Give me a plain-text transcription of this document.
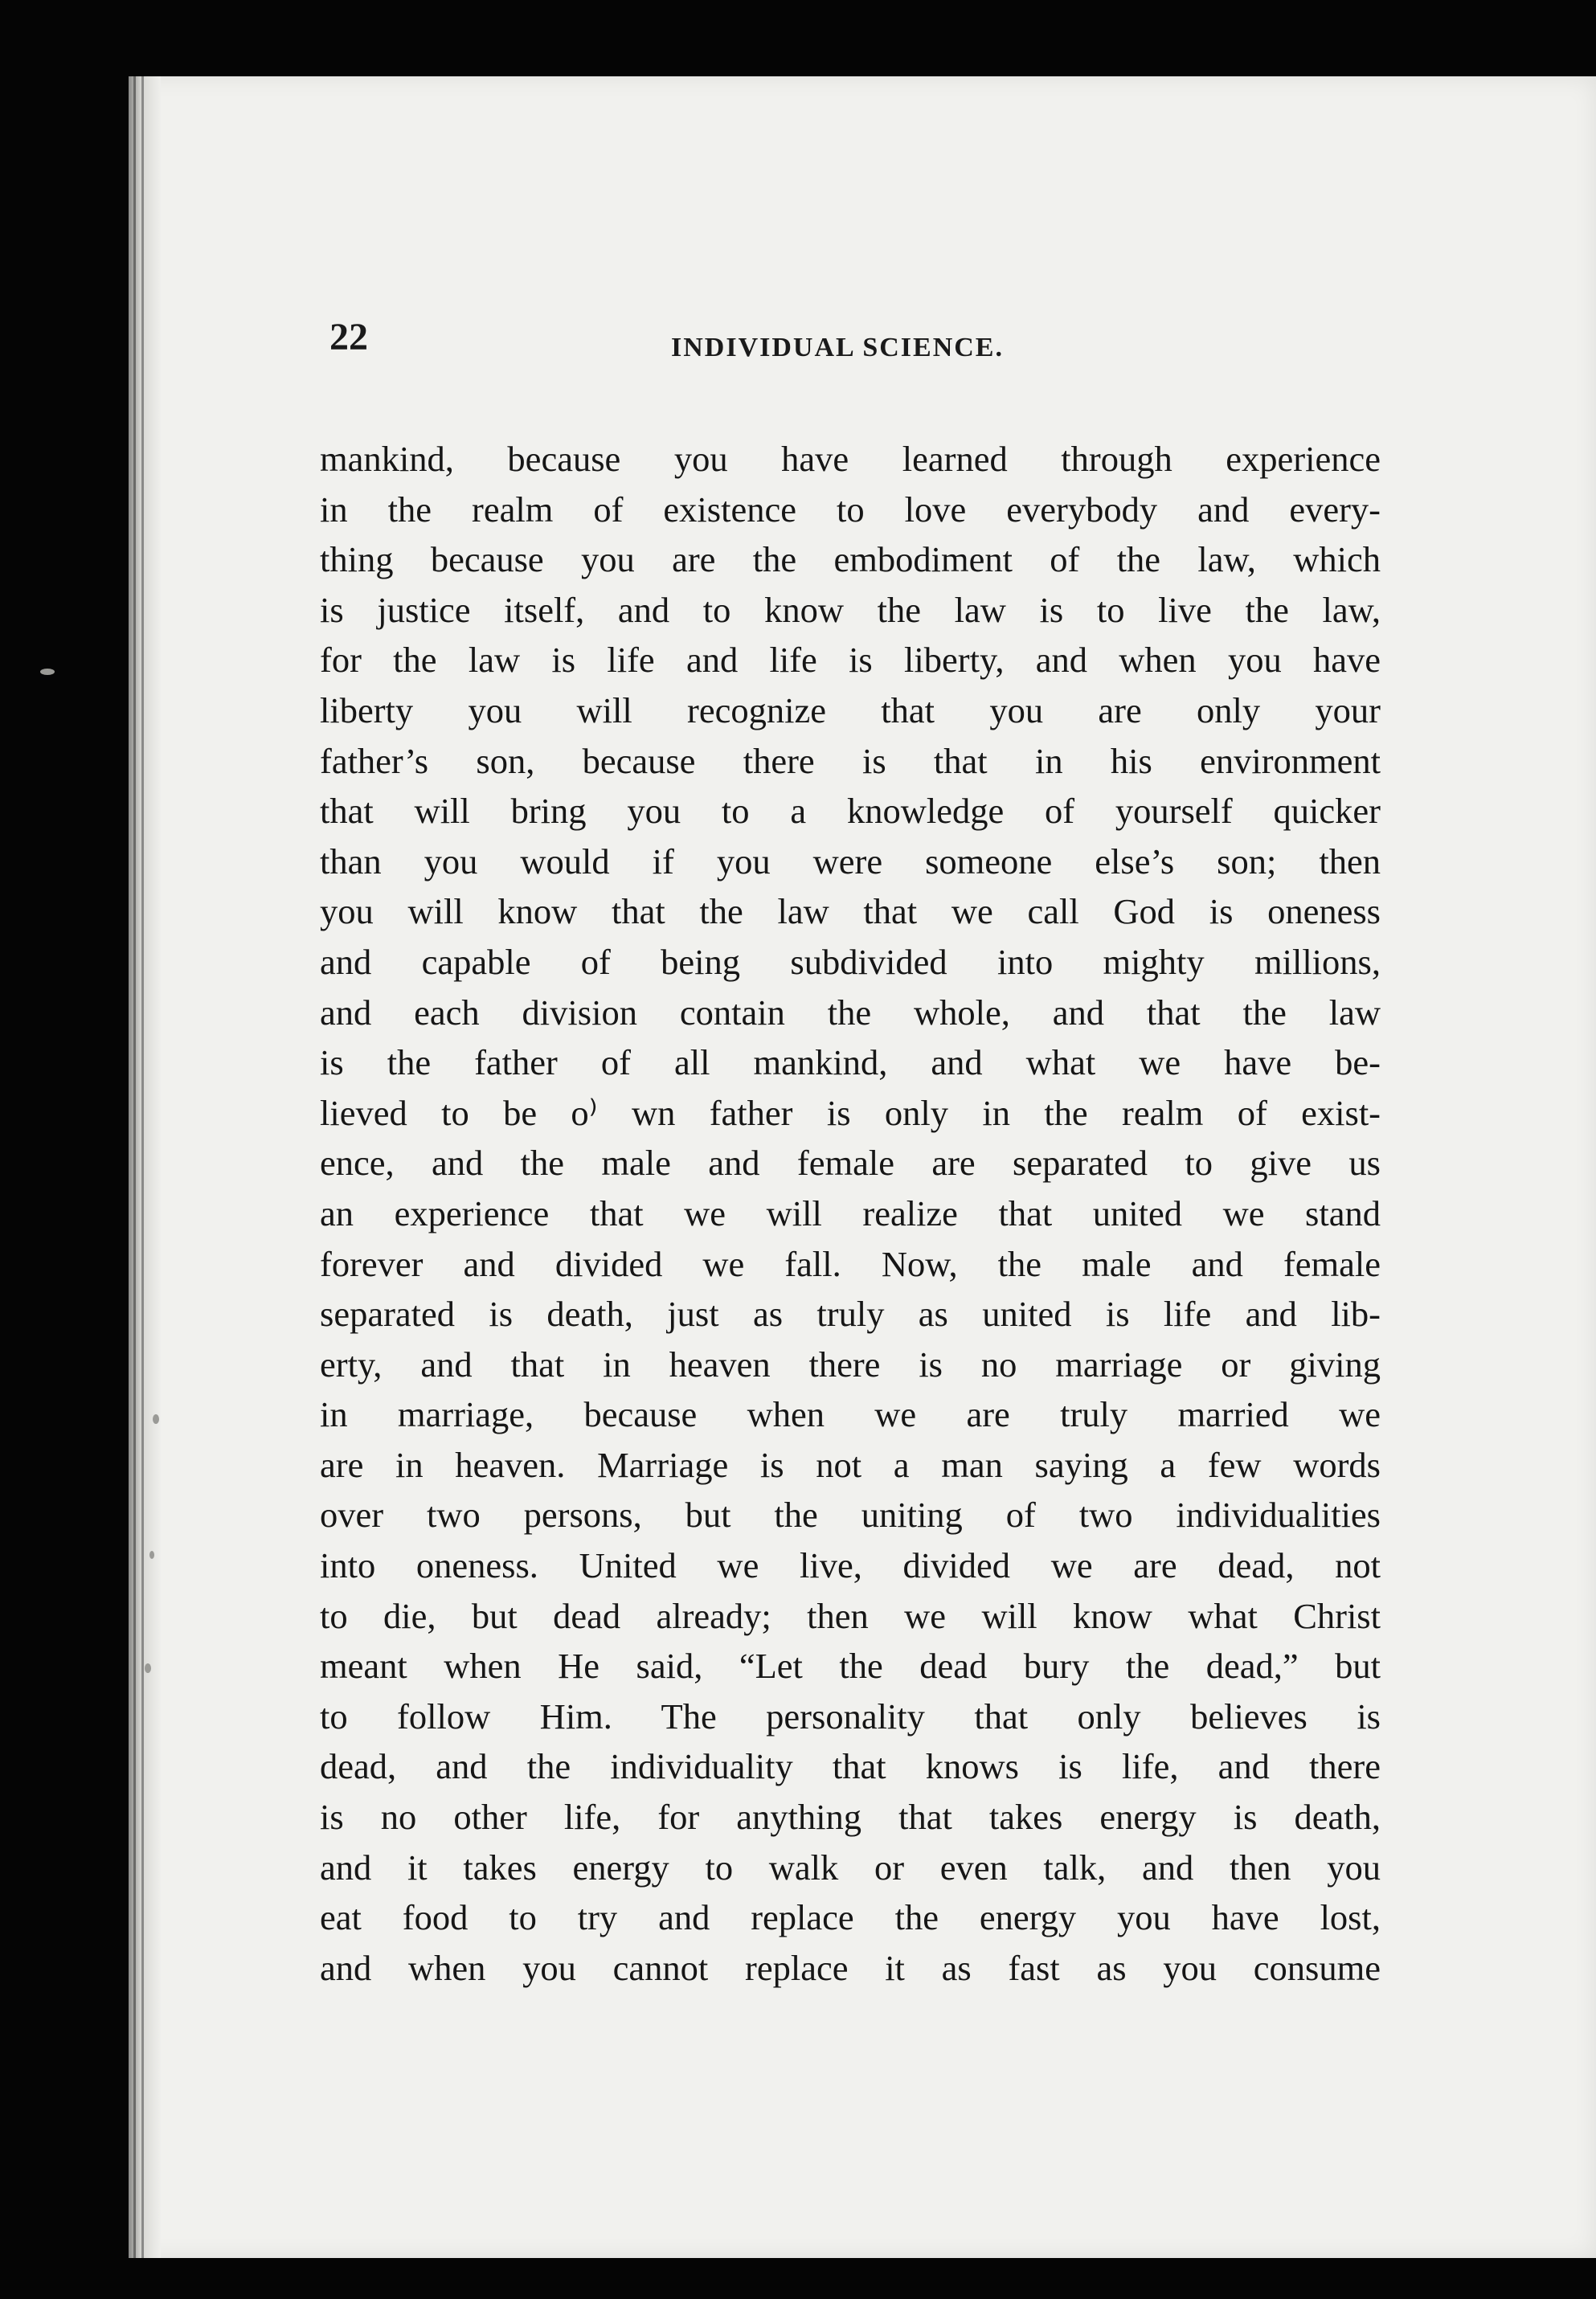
22	INDIVIDUAL SCIENCE.
mankind, because you have learned through experience
in the realm of existence to love everybody and every-
thing because you are the embodiment of the law, which
is justice itself, and to know the law is to live the law,
for the law is life and life is liberty, and when you have
liberty you will recognize that you are only your
father’s son, because there is that in his environment
that will bring you to a knowledge of yourself quicker
than you would if you were someone else’s son; then
you will know that the law that we call God is oneness
and capable of being subdivided into mighty millions,
and each division contain the whole, and that the law
is the father of all mankind, and what we have be-
lieved to be o⁾ wn father is only in the realm of exist-
ence, and the male and female are separated to give us
an experience that we will realize that united we stand
forever and divided we fall. Now, the male and female
separated is death, just as truly as united is life and lib-
erty, and that in heaven there is no marriage or giving
in marriage, because when we are truly married we
are in heaven. Marriage is not a man saying a few words
over two persons, but the uniting of two individualities
into oneness. United we live, divided we are dead, not
to die, but dead already; then we will know what Christ
meant when He said, “Let the dead bury the dead,” but
to follow Him. The personality that only believes is
dead, and the individuality that knows is life, and there
is no other life, for anything that takes energy is death,
and it takes energy to walk or even talk, and then you
eat food to try and replace the energy you have lost,
and when you cannot replace it as fast as you consume
